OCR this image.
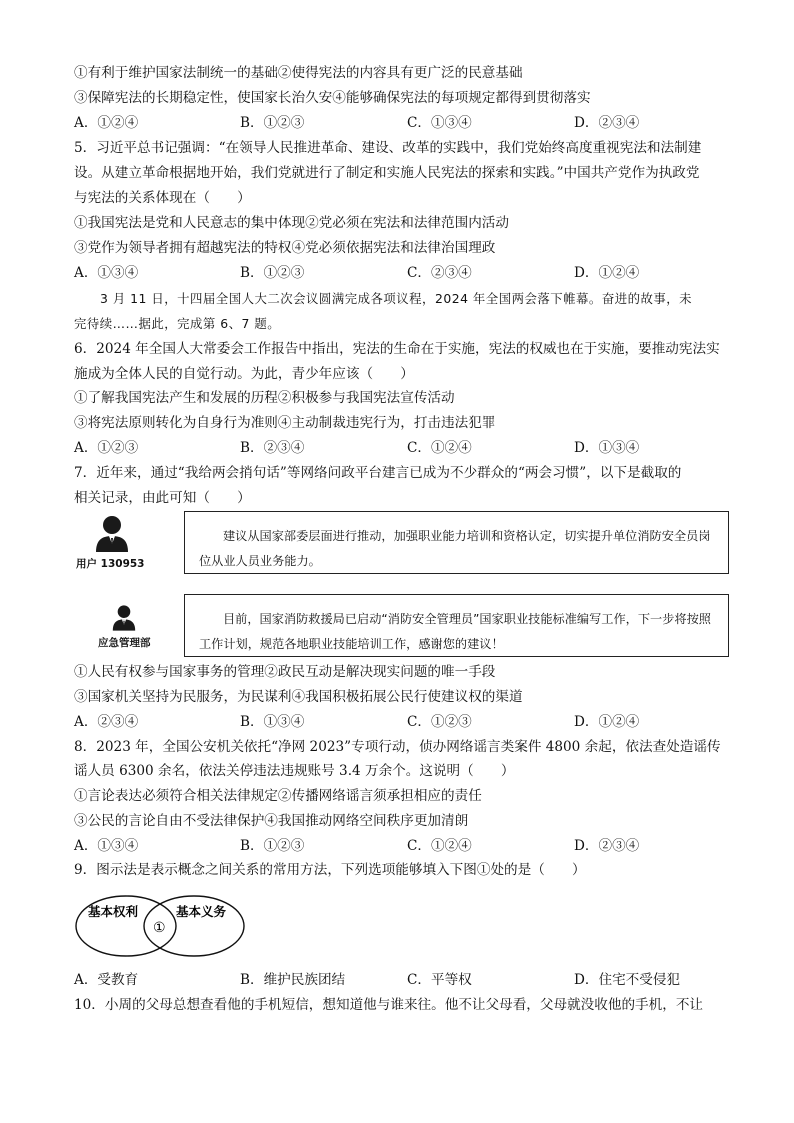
①有利于维护国家法制统一的基础②使得宪法的内容具有更广泛的民意基础
③保障宪法的长期稳定性，使国家长治久安④能够确保宪法的每项规定都得到贯彻落实
A．①②④	B．①②③	C．①③④	D．②③④
5．习近平总书记强调：“在领导人民推进革命、建设、改革的实践中，我们党始终高度重视宪法和法制建
设。从建立革命根据地开始，我们党就进行了制定和实施人民宪法的探索和实践。”中国共产党作为执政党
与宪法的关系体现在（　　）
①我国宪法是党和人民意志的集中体现②党必须在宪法和法律范围内活动
③党作为领导者拥有超越宪法的特权④党必须依据宪法和法律治国理政
A．①③④	B．①②③	C．②③④	D．①②④
3 月 11 日，十四届全国人大二次会议圆满完成各项议程，2024 年全国两会落下帷幕。奋进的故事，未
完待续……据此，完成第 6、7 题。
6．2024 年全国人大常委会工作报告中指出，宪法的生命在于实施，宪法的权威也在于实施，要推动宪法实
施成为全体人民的自觉行动。为此，青少年应该（　　）
①了解我国宪法产生和发展的历程②积极参与我国宪法宣传活动
③将宪法原则转化为自身行为准则④主动制裁违宪行为，打击违法犯罪
A．①②③	B．②③④	C．①②④	D．①③④
7．近年来，通过“我给两会捎句话”等网络问政平台建言已成为不少群众的“两会习惯”，以下是截取的
相关记录，由此可知（　　）
用户 130953
建议从国家部委层面进行推动，加强职业能力培训和资格认定，切实提升单位消防安全员岗位从业人员业务能力。
应急管理部
目前，国家消防救援局已启动“消防安全管理员”国家职业技能标准编写工作，下一步将按照工作计划，规范各地职业技能培训工作，感谢您的建议！
①人民有权参与国家事务的管理②政民互动是解决现实问题的唯一手段
③国家机关坚持为民服务，为民谋利④我国积极拓展公民行使建议权的渠道
A．②③④	B．①③④	C．①②③	D．①②④
8．2023 年，全国公安机关依托“净网 2023”专项行动，侦办网络谣言类案件 4800 余起，依法查处造谣传
谣人员 6300 余名，依法关停违法违规账号 3.4 万余个。这说明（　　）
①言论表达必须符合相关法律规定②传播网络谣言须承担相应的责任
③公民的言论自由不受法律保护④我国推动网络空间秩序更加清朗
A．①③④	B．①②③	C．①②④	D．②③④
9．图示法是表示概念之间关系的常用方法，下列选项能够填入下图①处的是（　　）
基本权利	基本义务
①
A．受教育	B．维护民族团结	C．平等权	D．住宅不受侵犯
10．小周的父母总想查看他的手机短信，想知道他与谁来往。他不让父母看，父母就没收他的手机，不让
